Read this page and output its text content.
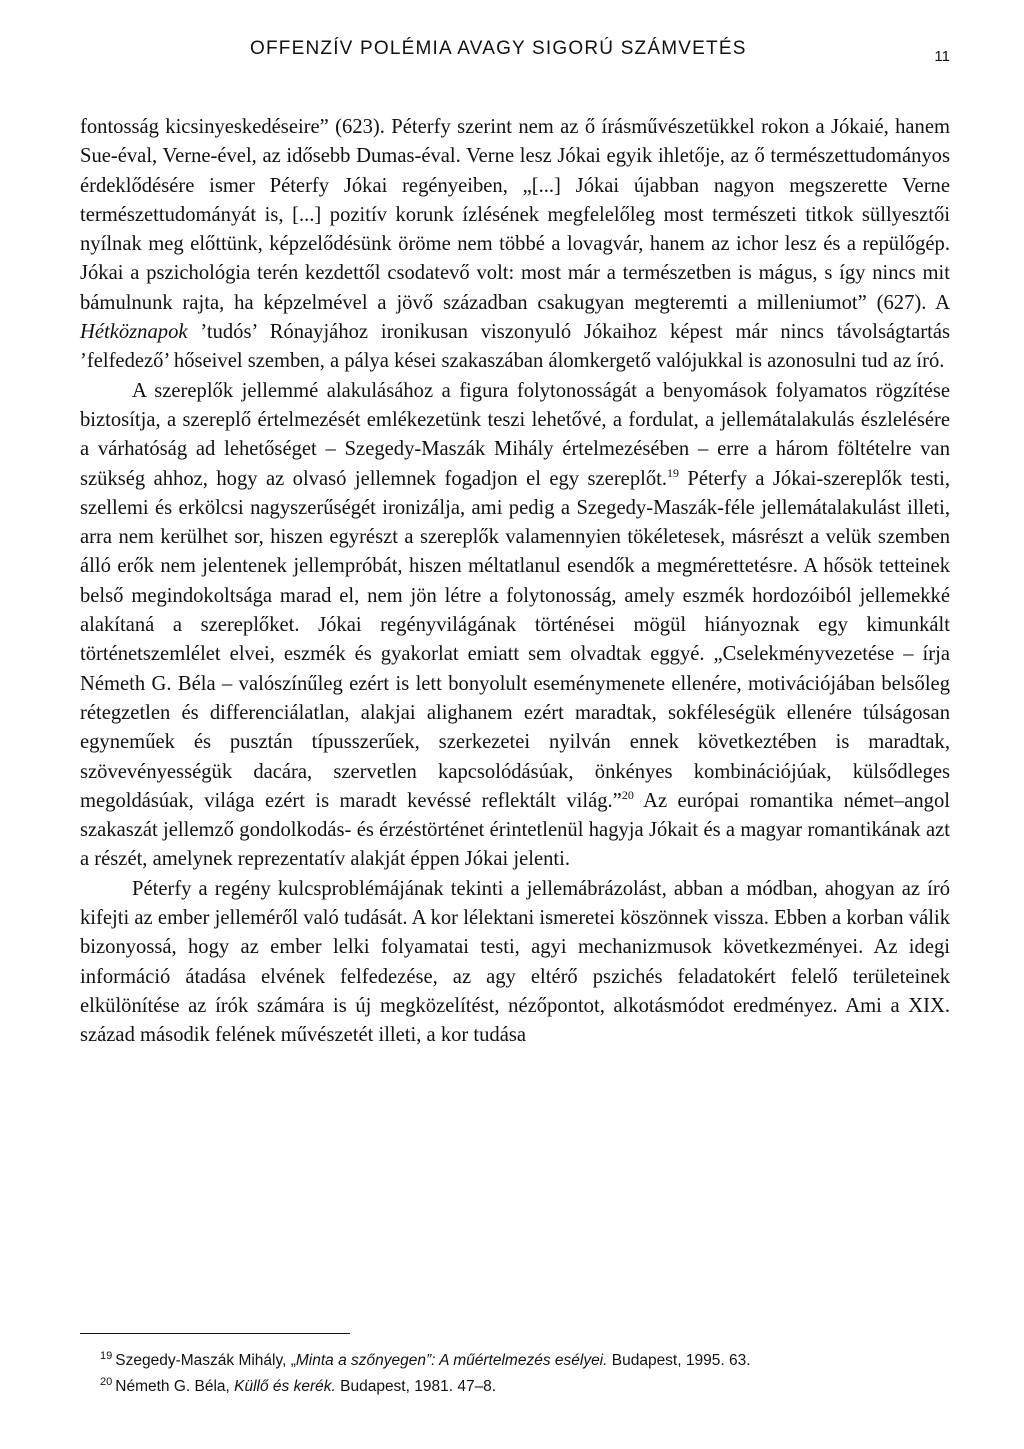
OFFENZÍV POLÉMIA AVAGY SIGORÚ SZÁMVETÉS	11

fontosság kicsinyeskedéseire” (623). Péterfy szerint nem az ő írásművészetükkel rokon a Jókaié, hanem Sue-éval, Verne-ével, az idősebb Dumas-éval. Verne lesz Jókai egyik ihletője, az ő természettudományos érdeklődésére ismer Péterfy Jókai regényeiben, „[...] Jókai újabban nagyon megszerette Verne természettudományát is, [...] pozitív korunk ízlésének megfelelőleg most természeti titkok süllyesztői nyílnak meg előttünk, képzelődésünk öröme nem többé a lovagvár, hanem az ichor lesz és a repülőgép. Jókai a pszichológia terén kezdettől csodatevő volt: most már a természetben is mágus, s így nincs mit bámulnunk rajta, ha képzelmével a jövő században csakugyan megteremti a milleniumot” (627). A Hétköznapok ’tudós’ Rónayjához ironikusan viszonyuló Jókaihoz képest már nincs távolságtartás ’felfedező’ hőseivel szemben, a pálya kései szakaszában álomkergető valójukkal is azonosulni tud az író.

A szereplők jellemmé alakulásához a figura folytonosságát a benyomások folyamatos rögzítése biztosítja, a szereplő értelmezését emlékezetünk teszi lehetővé, a fordulat, a jellemátalakulás észlelésére a várhatóság ad lehetőséget – Szegedy-Maszák Mihály értelmezésében – erre a három föltételre van szükség ahhoz, hogy az olvasó jellemnek fogadjon el egy szereplőt.$^{19}$ Péterfy a Jókai-szereplők testi, szellemi és erkölcsi nagyszerűségét ironizálja, ami pedig a Szegedy-Maszák-féle jellemátalakulást illeti, arra nem kerülhet sor, hiszen egyrészt a szereplők valamennyien tökéletesek, másrészt a velük szemben álló erők nem jelentenek jellempróbát, hiszen méltatlanul esendők a megmérettetésre. A hősök tetteinek belső megindokoltsága marad el, nem jön létre a folytonosság, amely eszmék hordozóiból jellemekké alakítaná a szereplőket. Jókai regényvilágának történései mögül hiányoznak egy kimunkált történetszemlélet elvei, eszmék és gyakorlat emiatt sem olvadtak eggyé. „Cselekményvezetése – írja Németh G. Béla – valószínűleg ezért is lett bonyolult eseménymenete ellenére, motivációjában belsőleg rétegzetlen és differenciálatlan, alakjai alighanem ezért maradtak, sokféleségük ellenére túlságosan egyneműek és pusztán típusszerűek, szerkezetei nyilván ennek következtében is maradtak, szövevényességük dacára, szervetlen kapcsolódásúak, önkényes kombinációjúak, külsődleges megoldásúak, világa ezért is maradt kevéssé reflektált világ.”$^{20}$ Az európai romantika német–angol szakaszát jellemző gondolkodás- és érzéstörténet érintetlenül hagyja Jókait és a magyar romantikának azt a részét, amelynek reprezentatív alakját éppen Jókai jelenti.

Péterfy a regény kulcsproblémájának tekinti a jellemábrázolást, abban a módban, ahogyan az író kifejti az ember jelleméről való tudását. A kor lélektani ismeretei köszönnek vissza. Ebben a korban válik bizonyossá, hogy az ember lelki folyamatai testi, agyi mechanizmusok következményei. Az idegi információ átadása elvének felfedezése, az agy eltérő pszichés feladatokért felelő területeinek elkülönítése az írók számára is új megközelítést, nézőpontot, alkotásmódot eredményez. Ami a XIX. század második felének művészetét illeti, a kor tudása

$^{19}$ Szegedy-Maszák Mihály, „Minta a szőnyegen”: A műértelmezés esélyei. Budapest, 1995. 63.
$^{20}$ Németh G. Béla, Küllő és kerék. Budapest, 1981. 47–8.
